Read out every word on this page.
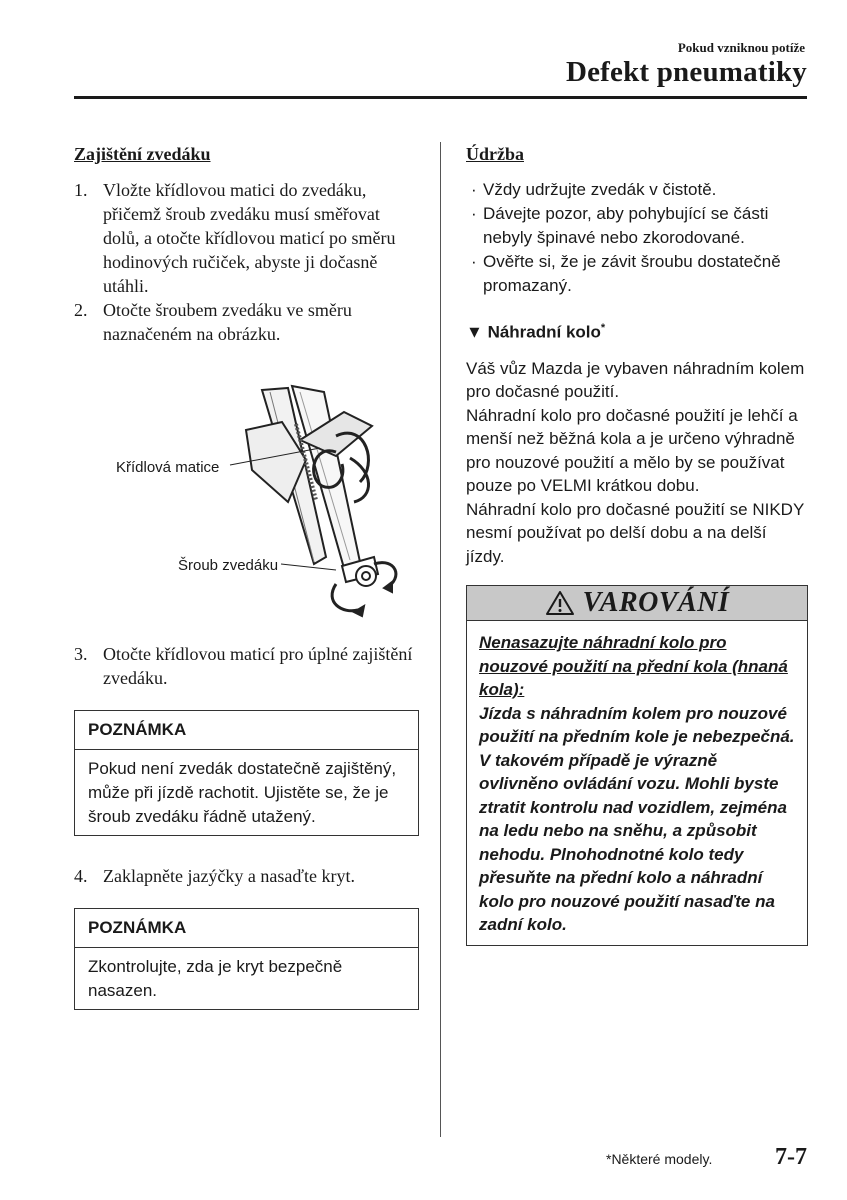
Pokud vzniknou potíže
Defekt pneumatiky
Zajištění zvedáku
1. Vložte křídlovou matici do zvedáku, přičemž šroub zvedáku musí směřovat dolů, a otočte křídlovou maticí po směru hodinových ručiček, abyste ji dočasně utáhli.
2. Otočte šroubem zvedáku ve směru naznačeném na obrázku.
Křídlová matice
Šroub zvedáku
3. Otočte křídlovou maticí pro úplné zajištění zvedáku.
POZNÁMKA
Pokud není zvedák dostatečně zajištěný, může při jízdě rachotit. Ujistěte se, že je šroub zvedáku řádně utažený.
4. Zaklapněte jazýčky a nasaďte kryt.
POZNÁMKA
Zkontrolujte, zda je kryt bezpečně nasazen.
Údržba
· Vždy udržujte zvedák v čistotě.
· Dávejte pozor, aby pohybující se části nebyly špinavé nebo zkorodované.
· Ověřte si, že je závit šroubu dostatečně promazaný.
▼ Náhradní kolo*
Váš vůz Mazda je vybaven náhradním kolem pro dočasné použití.
Náhradní kolo pro dočasné použití je lehčí a menší než běžná kola a je určeno výhradně pro nouzové použití a mělo by se používat pouze po VELMI krátkou dobu.
Náhradní kolo pro dočasné použití se NIKDY nesmí používat po delší dobu a na delší jízdy.
VAROVÁNÍ
Nenasazujte náhradní kolo pro nouzové použití na přední kola (hnaná kola):
Jízda s náhradním kolem pro nouzové použití na předním kole je nebezpečná. V takovém případě je výrazně ovlivněno ovládání vozu. Mohli byste ztratit kontrolu nad vozidlem, zejména na ledu nebo na sněhu, a způsobit nehodu. Plnohodnotné kolo tedy přesuňte na přední kolo a náhradní kolo pro nouzové použití nasaďte na zadní kolo.
*Některé modely.	7-7
